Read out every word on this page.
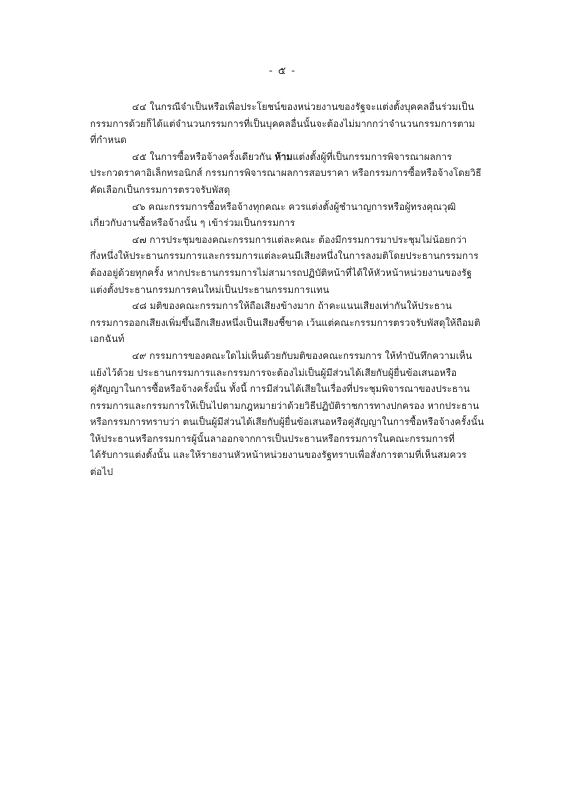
- ๕ -
๔๔ ในกรณีจำเป็นหรือเพื่อประโยชน์ของหน่วยงานของรัฐจะแต่งตั้งบุคคลอื่นร่วมเป็น
กรรมการด้วยก็ได้แต่จำนวนกรรมการที่เป็นบุคคลอื่นนั้นจะต้องไม่มากกว่าจำนวนกรรมการตาม
ที่กำหนด
๔๕ ในการซื้อหรือจ้างครั้งเดียวกัน ห้ามแต่งตั้งผู้ที่เป็นกรรมการพิจารณาผลการ
ประกวดราคาอิเล็กทรอนิกส์ กรรมการพิจารณาผลการสอบราคา หรือกรรมการซื้อหรือจ้างโดยวิธี
คัดเลือกเป็นกรรมการตรวจรับพัสดุ
๔๖ คณะกรรมการซื้อหรือจ้างทุกคณะ ควรแต่งตั้งผู้ชำนาญการหรือผู้ทรงคุณวุฒิ
เกี่ยวกับงานซื้อหรือจ้างนั้น ๆ เข้าร่วมเป็นกรรมการ
๔๗ การประชุมของคณะกรรมการแต่ละคณะ ต้องมีกรรมการมาประชุมไม่น้อยกว่า
กึ่งหนึ่งให้ประธานกรรมการและกรรมการแต่ละคนมีเสียงหนึ่งในการลงมติโดยประธานกรรมการ
ต้องอยู่ด้วยทุกครั้ง หากประธานกรรมการไม่สามารถปฏิบัติหน้าที่ได้ให้หัวหน้าหน่วยงานของรัฐ
แต่งตั้งประธานกรรมการคนใหม่เป็นประธานกรรมการแทน
๔๘ มติของคณะกรรมการให้ถือเสียงข้างมาก ถ้าคะแนนเสียงเท่ากันให้ประธาน
กรรมการออกเสียงเพิ่มขึ้นอีกเสียงหนึ่งเป็นเสียงชี้ขาด เว้นแต่คณะกรรมการตรวจรับพัสดุให้ถือมติ
เอกฉันท์
๔๙ กรรมการของคณะใดไม่เห็นด้วยกับมติของคณะกรรมการ ให้ทำบันทึกความเห็น
แย้งไว้ด้วย ประธานกรรมการและกรรมการจะต้องไม่เป็นผู้มีส่วนได้เสียกับผู้ยื่นข้อเสนอหรือ
คู่สัญญาในการซื้อหรือจ้างครั้งนั้น ทั้งนี้ การมีส่วนได้เสียในเรื่องที่ประชุมพิจารณาของประธาน
กรรมการและกรรมการให้เป็นไปตามกฎหมายว่าด้วยวิธีปฏิบัติราชการทางปกครอง หากประธาน
หรือกรรมการทราบว่า ตนเป็นผู้มีส่วนได้เสียกับผู้ยื่นข้อเสนอหรือคู่สัญญาในการซื้อหรือจ้างครั้งนั้น
ให้ประธานหรือกรรมการผู้นั้นลาออกจากการเป็นประธานหรือกรรมการในคณะกรรมการที่
ได้รับการแต่งตั้งนั้น และให้รายงานหัวหน้าหน่วยงานของรัฐทราบเพื่อสั่งการตามที่เห็นสมควร
ต่อไป
